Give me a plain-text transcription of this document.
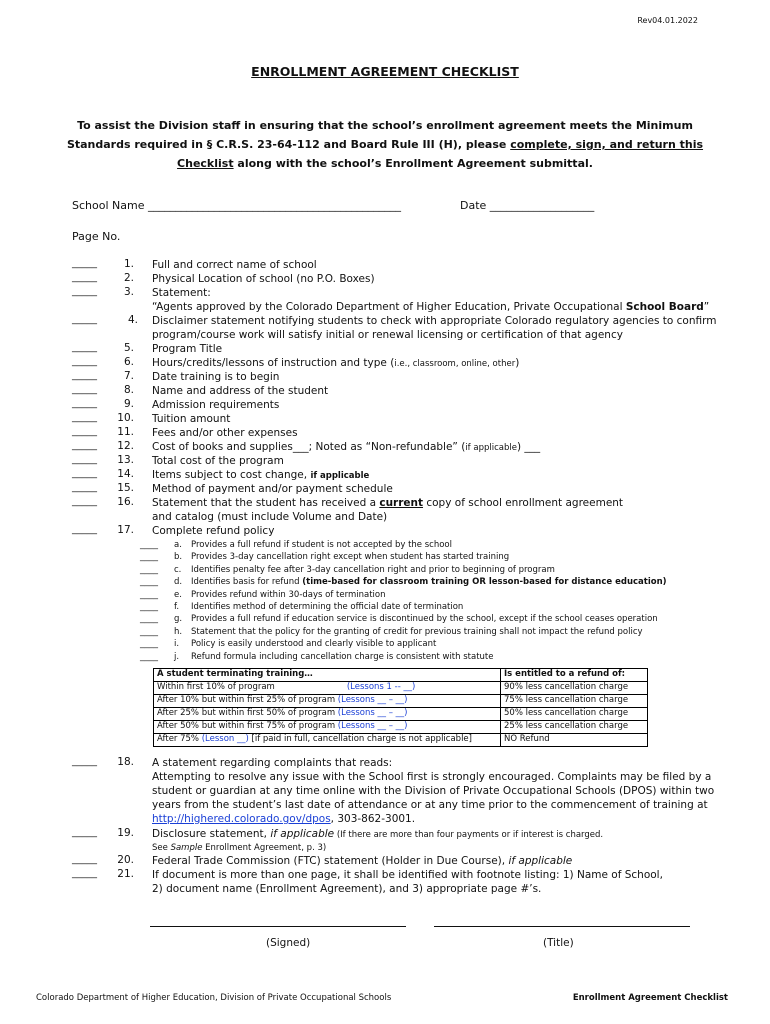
Rev04.01.2022
ENROLLMENT AGREEMENT CHECKLIST
To assist the Division staff in ensuring that the school’s enrollment agreement meets the Minimum Standards required in § C.R.S. 23-64-112 and Board Rule III (H), please complete, sign, and return this Checklist along with the school’s Enrollment Agreement submittal.
School Name ______________________________________________	Date ___________________
Page No.
_____	1. Full and correct name of school
_____	2. Physical Location of school (no P.O. Boxes)
_____	3. Statement:
“Agents approved by the Colorado Department of Higher Education, Private Occupational School Board”
_____	4. Disclaimer statement notifying students to check with appropriate Colorado regulatory agencies to confirm
program/course work will satisfy initial or renewal licensing or certification of that agency
_____	5. Program Title
_____	6. Hours/credits/lessons of instruction and type (i.e., classroom, online, other)
_____	7. Date training is to begin
_____	8. Name and address of the student
_____	9. Admission requirements
_____	10. Tuition amount
_____	11. Fees and/or other expenses
_____	12. Cost of books and supplies___; Noted as “Non-refundable” (if applicable) ___
_____	13. Total cost of the program
_____	14. Items subject to cost change, if applicable
_____	15. Method of payment and/or payment schedule
_____	16. Statement that the student has received a current copy of school enrollment agreement
and catalog (must include Volume and Date)
_____	17. Complete refund policy
____ a. Provides a full refund if student is not accepted by the school
____ b. Provides 3-day cancellation right except when student has started training
____ c. Identifies penalty fee after 3-day cancellation right and prior to beginning of program
____ d. Identifies basis for refund (time-based for classroom training OR lesson-based for distance education)
____ e. Provides refund within 30-days of termination
____ f. Identifies method of determining the official date of termination
____ g. Provides a full refund if education service is discontinued by the school, except if the school ceases operation
____ h. Statement that the policy for the granting of credit for previous training shall not impact the refund policy
____ i. Policy is easily understood and clearly visible to applicant
____ j. Refund formula including cancellation charge is consistent with statute
A student terminating training…	Is entitled to a refund of:
Within first 10% of program (Lessons 1 -- __)	90% less cancellation charge
After 10% but within first 25% of program (Lessons __ – __)	75% less cancellation charge
After 25% but within first 50% of program (Lessons __ – __)	50% less cancellation charge
After 50% but within first 75% of program (Lessons __ – __)	25% less cancellation charge
After 75% (Lesson __) [if paid in full, cancellation charge is not applicable]	NO Refund
_____	18. A statement regarding complaints that reads:
Attempting to resolve any issue with the School first is strongly encouraged. Complaints may be filed by a
student or guardian at any time online with the Division of Private Occupational Schools (DPOS) within two
years from the student’s last date of attendance or at any time prior to the commencement of training at
http://highered.colorado.gov/dpos, 303-862-3001.
_____	19. Disclosure statement, if applicable (If there are more than four payments or if interest is charged.
See Sample Enrollment Agreement, p. 3)
_____	20. Federal Trade Commission (FTC) statement (Holder in Due Course), if applicable
_____	21. If document is more than one page, it shall be identified with footnote listing: 1) Name of School,
2) document name (Enrollment Agreement), and 3) appropriate page #’s.
(Signed)	(Title)
Colorado Department of Higher Education, Division of Private Occupational Schools	Enrollment Agreement Checklist
